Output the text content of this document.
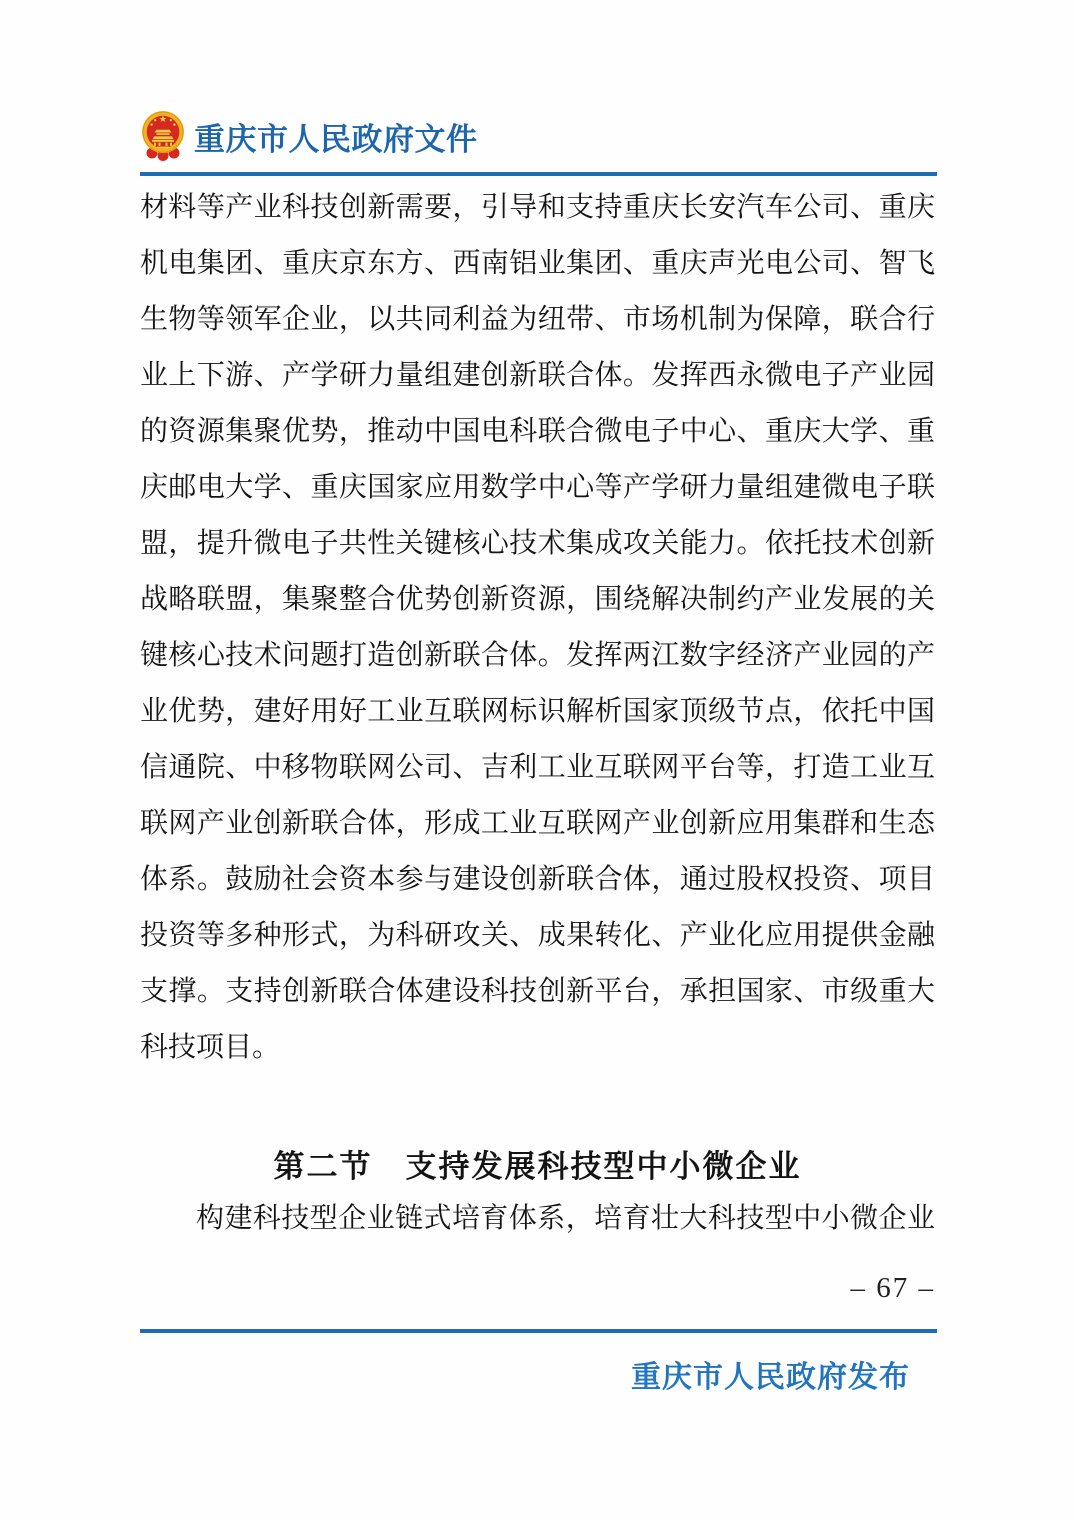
重庆市人民政府文件
材料等产业科技创新需要，引导和支持重庆长安汽车公司、重庆
机电集团、重庆京东方、西南铝业集团、重庆声光电公司、智飞
生物等领军企业，以共同利益为纽带、市场机制为保障，联合行
业上下游、产学研力量组建创新联合体。发挥西永微电子产业园
的资源集聚优势，推动中国电科联合微电子中心、重庆大学、重
庆邮电大学、重庆国家应用数学中心等产学研力量组建微电子联
盟，提升微电子共性关键核心技术集成攻关能力。依托技术创新
战略联盟，集聚整合优势创新资源，围绕解决制约产业发展的关
键核心技术问题打造创新联合体。发挥两江数字经济产业园的产
业优势，建好用好工业互联网标识解析国家顶级节点，依托中国
信通院、中移物联网公司、吉利工业互联网平台等，打造工业互
联网产业创新联合体，形成工业互联网产业创新应用集群和生态
体系。鼓励社会资本参与建设创新联合体，通过股权投资、项目
投资等多种形式，为科研攻关、成果转化、产业化应用提供金融
支撑。支持创新联合体建设科技创新平台，承担国家、市级重大
科技项目。
第二节　支持发展科技型中小微企业
构建科技型企业链式培育体系，培育壮大科技型中小微企业
– 67 –
重庆市人民政府发布
